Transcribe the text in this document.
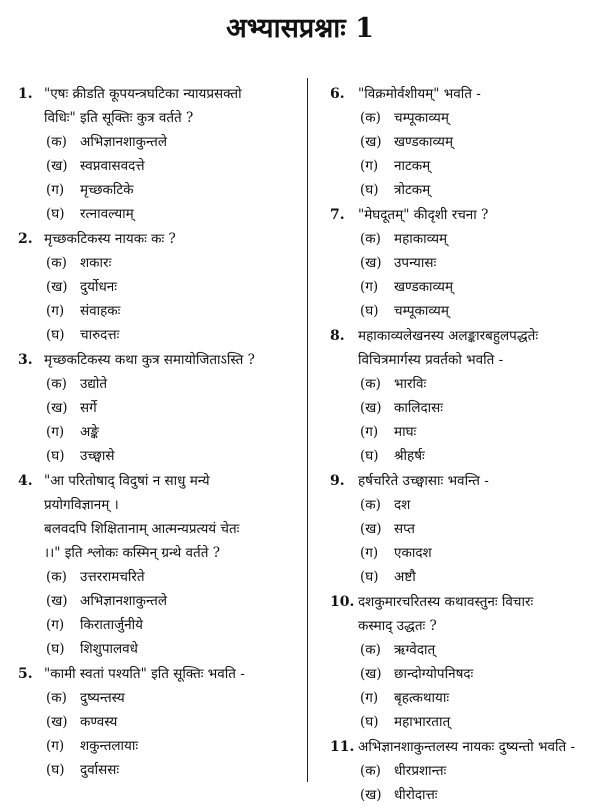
अभ्यासप्रश्नाः 1
1. "एषः क्रीडति कूपयन्त्रघटिका न्यायप्रसक्तो
विधिः" इति सूक्तिः कुत्र वर्तते ?
(क) अभिज्ञानशाकुन्तले
(ख) स्वप्नवासवदत्ते
(ग) मृच्छकटिके
(घ) रत्नावल्याम्
2. मृच्छकटिकस्य नायकः कः ?
(क) शकारः
(ख) दुर्योधनः
(ग) संवाहकः
(घ) चारुदत्तः
3. मृच्छकटिकस्य कथा कुत्र समायोजिताऽस्ति ?
(क) उद्योते
(ख) सर्गे
(ग) अङ्के
(घ) उच्छ्वासे
4. "आ परितोषाद् विदुषां न साधु मन्ये
प्रयोगविज्ञानम् ।
बलवदपि शिक्षितानाम् आत्मन्यप्रत्ययं चेतः
।।" इति श्लोकः कस्मिन् ग्रन्थे वर्तते ?
(क) उत्तररामचरिते
(ख) अभिज्ञानशाकुन्तले
(ग) किरातार्जुनीये
(घ) शिशुपालवधे
5. "कामी स्वतां पश्यति" इति सूक्तिः भवति -
(क) दुष्यन्तस्य
(ख) कण्वस्य
(ग) शकुन्तलायाः
(घ) दुर्वाससः
6. "विक्रमोर्वशीयम्" भवति -
(क) चम्पूकाव्यम्
(ख) खण्डकाव्यम्
(ग) नाटकम्
(घ) त्रोटकम्
7. "मेघदूतम्" कीदृशी रचना ?
(क) महाकाव्यम्
(ख) उपन्यासः
(ग) खण्डकाव्यम्
(घ) चम्पूकाव्यम्
8. महाकाव्यलेखनस्य अलङ्कारबहुलपद्धतेः
विचित्रमार्गस्य प्रवर्तको भवति -
(क) भारविः
(ख) कालिदासः
(ग) माघः
(घ) श्रीहर्षः
9. हर्षचरिते उच्छ्वासाः भवन्ति -
(क) दश
(ख) सप्त
(ग) एकादश
(घ) अष्टौ
10. दशकुमारचरितस्य कथावस्तुनः विचारः
कस्माद् उद्धतः ?
(क) ऋग्वेदात्
(ख) छान्दोग्योपनिषदः
(ग) बृहत्कथायाः
(घ) महाभारतात्
11. अभिज्ञानशाकुन्तलस्य नायकः दुष्यन्तो भवति -
(क) धीरप्रशान्तः
(ख) धीरोदात्तः
